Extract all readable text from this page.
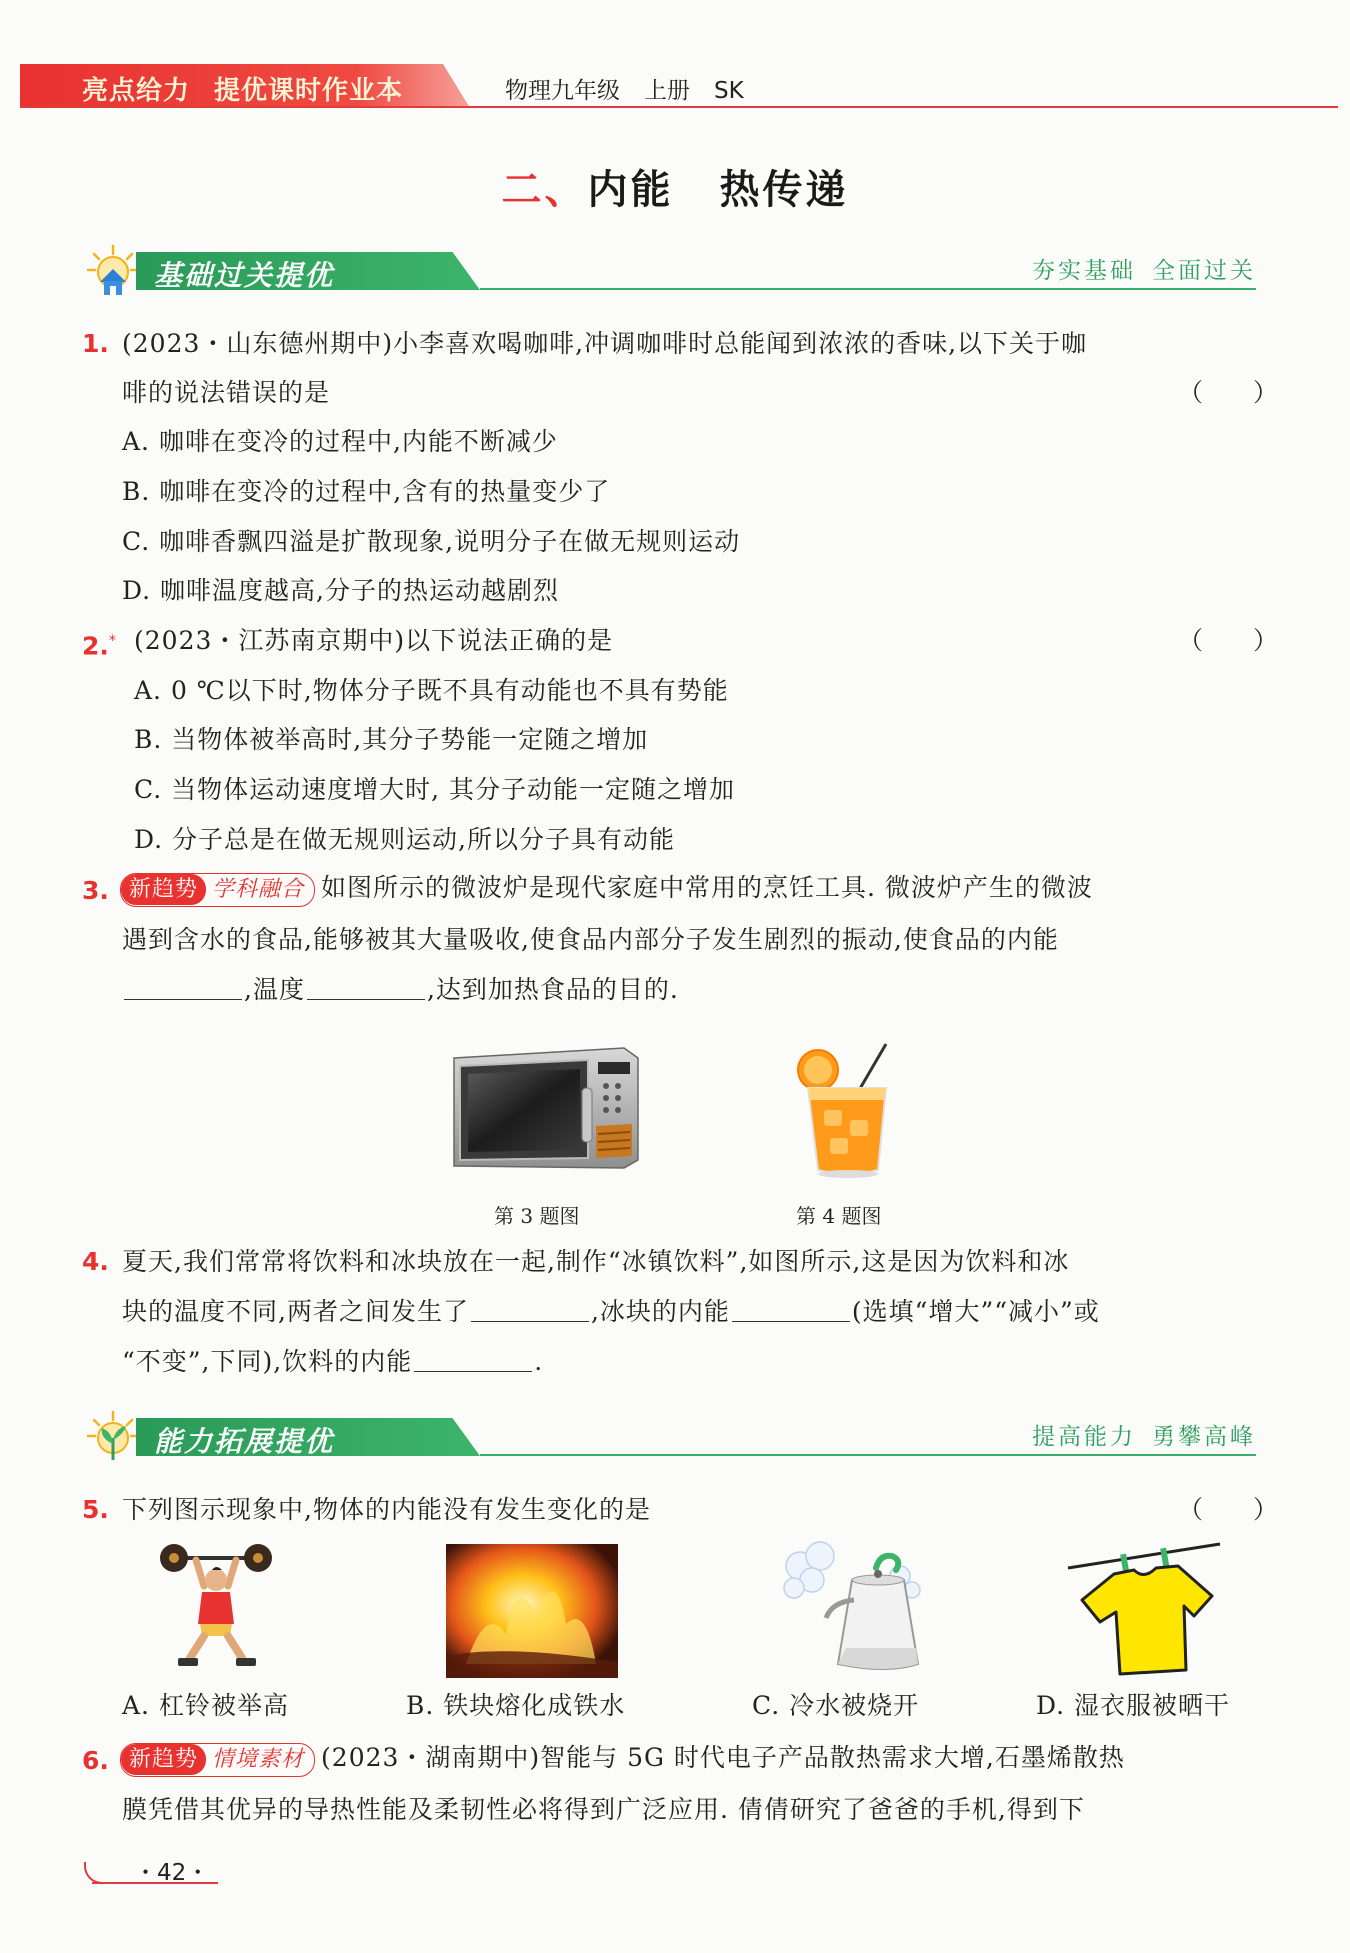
亮点给力 提优课时作业本	物理九年级 上册 SK
二、内能 热传递
基础过关提优	夯实基础 全面过关
1. (2023・山东德州期中)小李喜欢喝咖啡,冲调咖啡时总能闻到浓浓的香味,以下关于咖
啡的说法错误的是	（　　）
A. 咖啡在变冷的过程中,内能不断减少
B. 咖啡在变冷的过程中,含有的热量变少了
C. 咖啡香飘四溢是扩散现象,说明分子在做无规则运动
D. 咖啡温度越高,分子的热运动越剧烈
2.* (2023・江苏南京期中)以下说法正确的是	（　　）
A. 0 ℃以下时,物体分子既不具有动能也不具有势能
B. 当物体被举高时,其分子势能一定随之增加
C. 当物体运动速度增大时, 其分子动能一定随之增加
D. 分子总是在做无规则运动,所以分子具有动能
3. 新趋势 学科融合 如图所示的微波炉是现代家庭中常用的烹饪工具. 微波炉产生的微波
遇到含水的食品,能够被其大量吸收,使食品内部分子发生剧烈的振动,使食品的内能
,温度	,达到加热食品的目的.
第 3 题图	第 4 题图
4. 夏天,我们常常将饮料和冰块放在一起,制作“冰镇饮料”,如图所示,这是因为饮料和冰
块的温度不同,两者之间发生了	,冰块的内能	(选填“增大”“减小”或
“不变”,下同),饮料的内能	.
能力拓展提优	提高能力 勇攀高峰
5. 下列图示现象中,物体的内能没有发生变化的是	（　　）
A. 杠铃被举高	B. 铁块熔化成铁水	C. 冷水被烧开	D. 湿衣服被晒干
6. 新趋势 情境素材 (2023・湖南期中)智能与 5G 时代电子产品散热需求大增,石墨烯散热
膜凭借其优异的导热性能及柔韧性必将得到广泛应用. 倩倩研究了爸爸的手机,得到下
・42・
